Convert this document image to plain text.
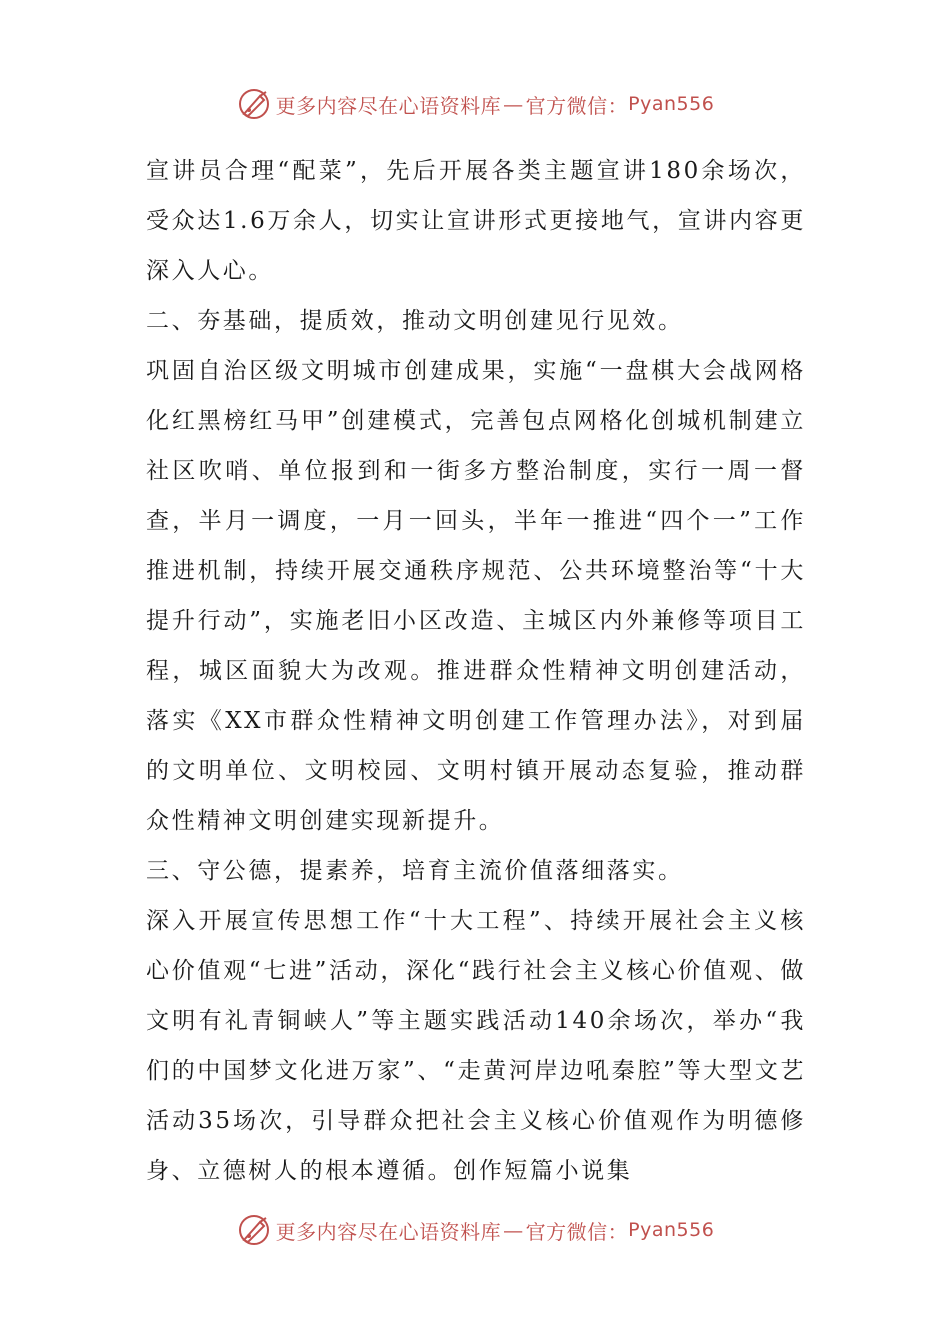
更多内容尽在心语资料库 — 官方微信： Pyan556

宣讲员合理“配菜”，先后开展各类主题宣讲180余场次，受众达1.6万余人，切实让宣讲形式更接地气，宣讲内容更深入人心。

二、夯基础，提质效，推动文明创建见行见效。

巩固自治区级文明城市创建成果，实施“一盘棋大会战网格化红黑榜红马甲”创建模式，完善包点网格化创城机制建立社区吹哨、单位报到和一街多方整治制度，实行一周一督查，半月一调度，一月一回头，半年一推进“四个一”工作推进机制，持续开展交通秩序规范、公共环境整治等“十大提升行动”，实施老旧小区改造、主城区内外兼修等项目工程，城区面貌大为改观。推进群众性精神文明创建活动，落实《XX市群众性精神文明创建工作管理办法》，对到届的文明单位、文明校园、文明村镇开展动态复验，推动群众性精神文明创建实现新提升。

三、守公德，提素养，培育主流价值落细落实。

深入开展宣传思想工作“十大工程”、持续开展社会主义核心价值观“七进”活动，深化“践行社会主义核心价值观、做文明有礼青铜峡人”等主题实践活动140余场次，举办“我们的中国梦文化进万家”、“走黄河岸边吼秦腔”等大型文艺活动35场次，引导群众把社会主义核心价值观作为明德修身、立德树人的根本遵循。创作短篇小说集

更多内容尽在心语资料库 — 官方微信： Pyan556
